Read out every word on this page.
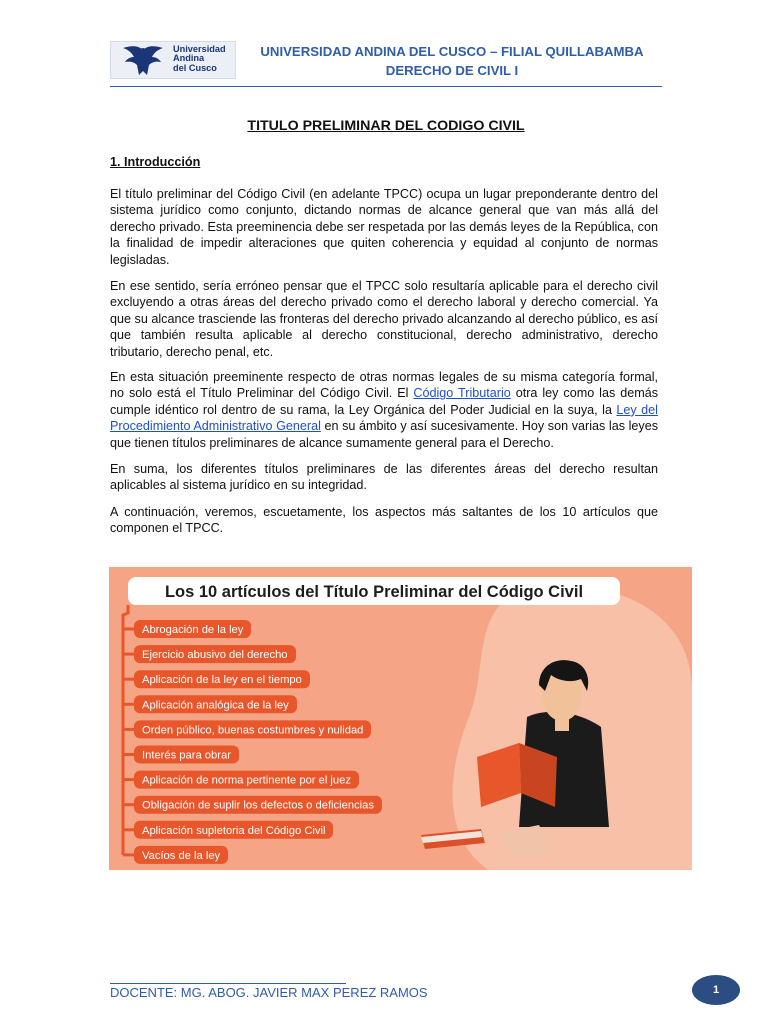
Universidad
Andina
del Cusco
UNIVERSIDAD ANDINA DEL CUSCO – FILIAL QUILLABAMBA
DERECHO DE CIVIL I
TITULO PRELIMINAR DEL CODIGO CIVIL
1. Introducción
El título preliminar del Código Civil (en adelante TPCC) ocupa un lugar preponderante dentro del sistema jurídico como conjunto, dictando normas de alcance general que van más allá del derecho privado. Esta preeminencia debe ser respetada por las demás leyes de la República, con la finalidad de impedir alteraciones que quiten coherencia y equidad al conjunto de normas legisladas.
En ese sentido, sería erróneo pensar que el TPCC solo resultaría aplicable para el derecho civil excluyendo a otras áreas del derecho privado como el derecho laboral y derecho comercial. Ya que su alcance trasciende las fronteras del derecho privado alcanzando al derecho público, es así que también resulta aplicable al derecho constitucional, derecho administrativo, derecho tributario, derecho penal, etc.
En esta situación preeminente respecto de otras normas legales de su misma categoría formal, no solo está el Título Preliminar del Código Civil. El Código Tributario otra ley como las demás cumple idéntico rol dentro de su rama, la Ley Orgánica del Poder Judicial en la suya, la Ley del Procedimiento Administrativo General en su ámbito y así sucesivamente. Hoy son varias las leyes que tienen títulos preliminares de alcance sumamente general para el Derecho.
En suma, los diferentes títulos preliminares de las diferentes áreas del derecho resultan aplicables al sistema jurídico en su integridad.
A continuación, veremos, escuetamente, los aspectos más saltantes de los 10 artículos que componen el TPCC.
Los 10 artículos del Título Preliminar del Código Civil
Abrogación de la ley
Ejercicio abusivo del derecho
Aplicación de la ley en el tiempo
Aplicación analógica de la ley
Orden público, buenas costumbres y nulidad
Interés para obrar
Aplicación de norma pertinente por el juez
Obligación de suplir los defectos o deficiencias
Aplicación supletoria del Código Civil
Vacíos de la ley
DOCENTE: MG. ABOG. JAVIER MAX PEREZ RAMOS	1
